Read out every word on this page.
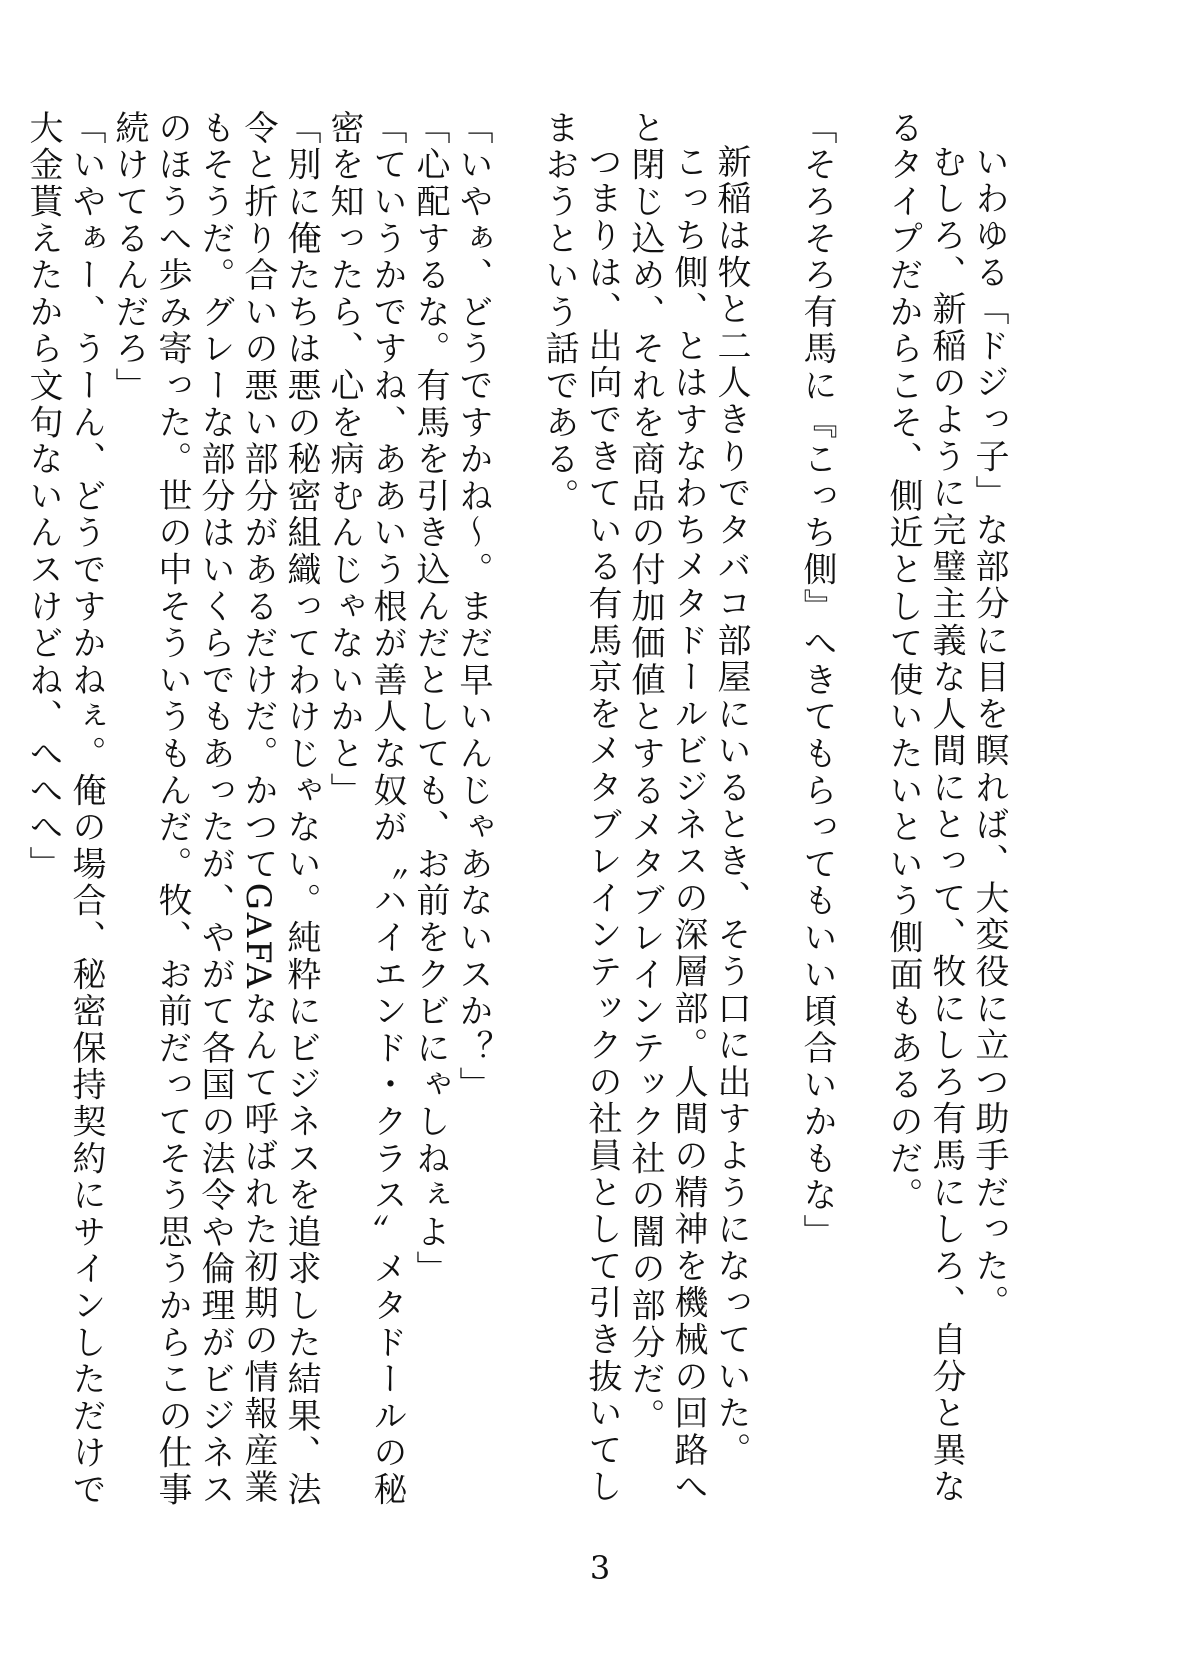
いわゆる「ドジっ子」な部分に目を瞑れば、大変役に立つ助手だった。

むしろ、新稲のように完璧主義な人間にとって、牧にしろ有馬にしろ、自分と異なるタイプだからこそ、側近として使いたいという側面もあるのだ。

「そろそろ有馬に『こっち側』へきてもらってもいい頃合いかもな」

新稲は牧と二人きりでタバコ部屋にいるとき、そう口に出すようになっていた。

こっち側、とはすなわちメタドールビジネスの深層部。人間の精神を機械の回路へと閉じ込め、それを商品の付加価値とするメタブレインテック社の闇の部分だ。

つまりは、出向できている有馬京をメタブレインテックの社員として引き抜いてしまおうという話である。

「いやぁ、どうですかね～。まだ早いんじゃあないスか？」

「心配するな。有馬を引き込んだとしても、お前をクビにゃしねぇよ」

「ていうかですね、ああいう根が善人な奴が〝ハイエンド・クラス〟メタドールの秘密を知ったら、心を病むんじゃないかと」

「別に俺たちは悪の秘密組織ってわけじゃない。純粋にビジネスを追求した結果、法令と折り合いの悪い部分があるだけだ。かつてGAFAなんて呼ばれた初期の情報産業もそうだ。グレーな部分はいくらでもあったが、やがて各国の法令や倫理がビジネスのほうへ歩み寄った。世の中そういうもんだ。牧、お前だってそう思うからこの仕事続けてるんだろ」

「いやぁー、うーん、どうですかねぇ。俺の場合、秘密保持契約にサインしただけで大金貰えたから文句ないんスけどね、へへへ」

3
